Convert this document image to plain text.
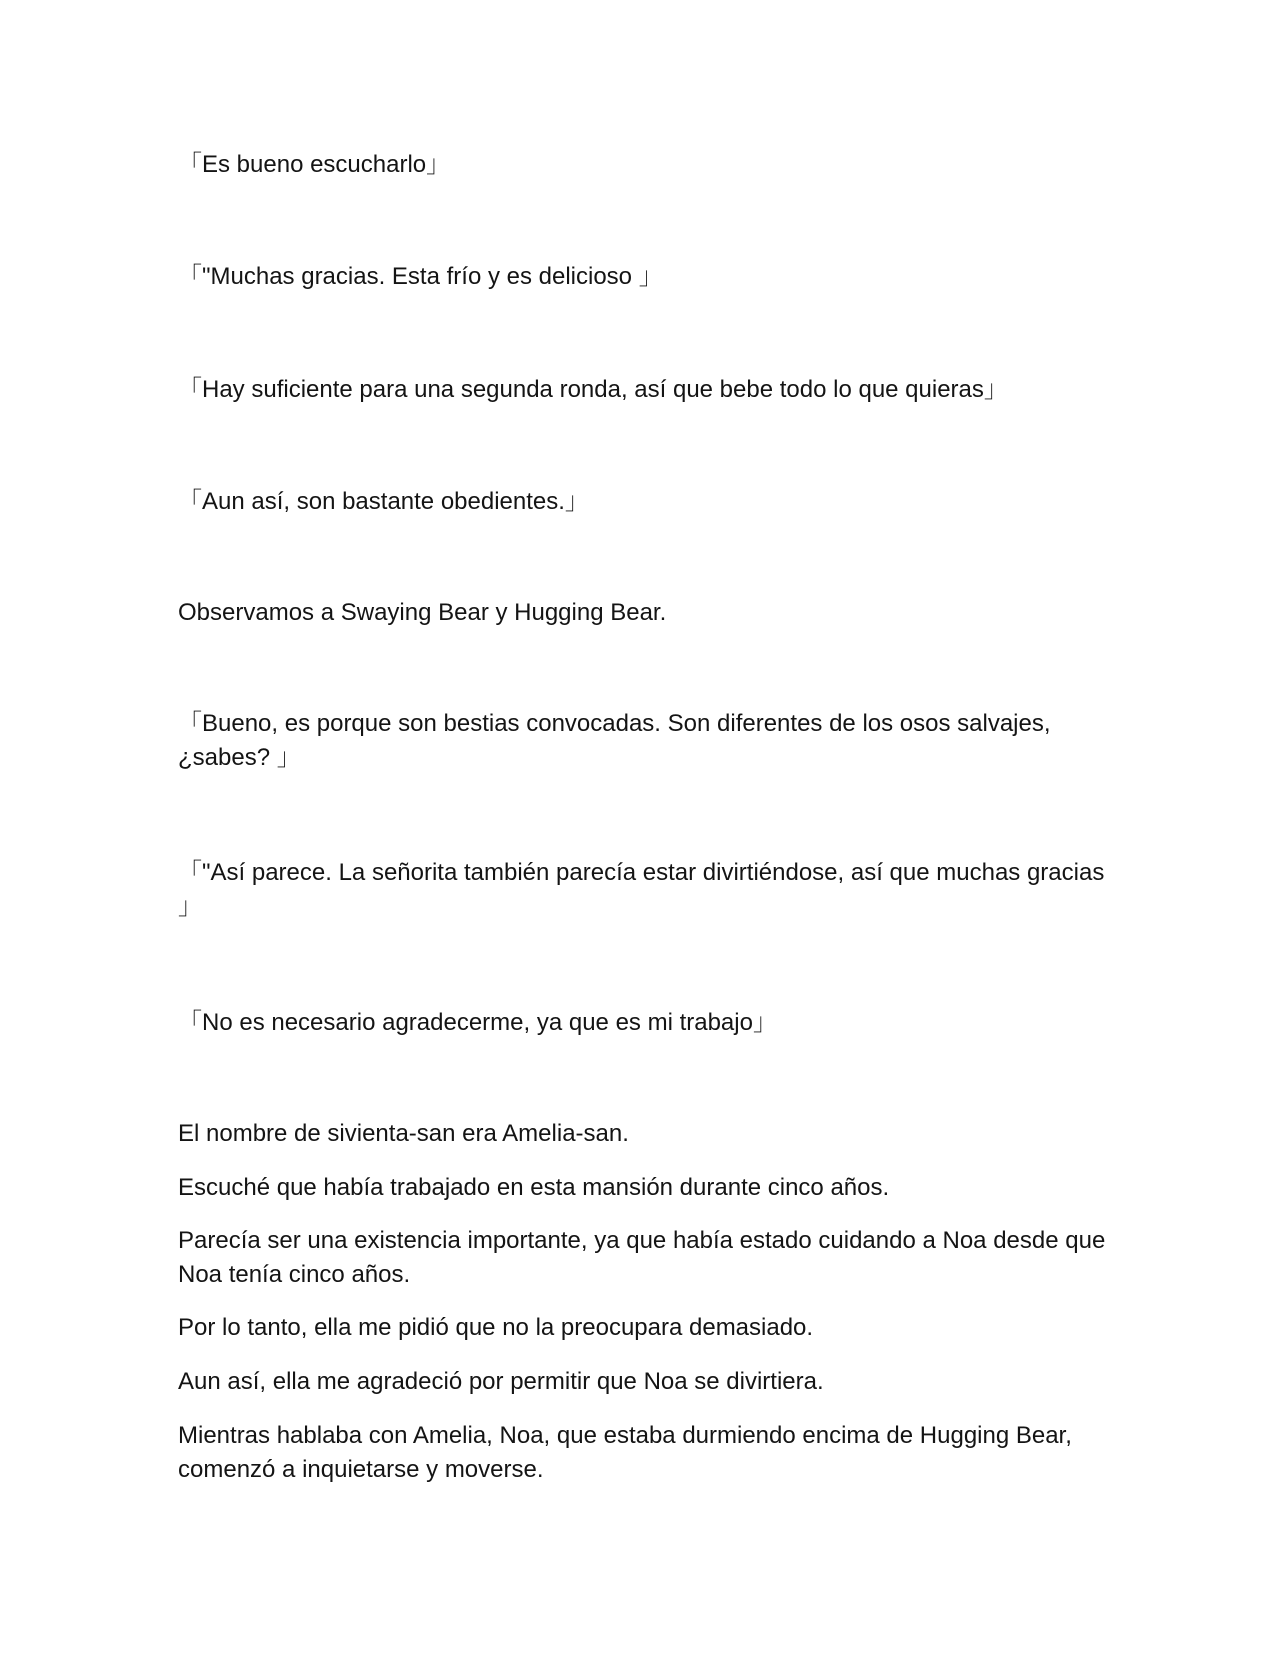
「Es bueno escucharlo」

「"Muchas gracias. Esta frío y es delicioso 」

「Hay suficiente para una segunda ronda, así que bebe todo lo que quieras」

「Aun así, son bastante obedientes.」

Observamos a Swaying Bear y Hugging Bear.

「Bueno, es porque son bestias convocadas. Son diferentes de los osos salvajes, ¿sabes? 」

「"Así parece. La señorita también parecía estar divirtiéndose, así que muchas gracias 」

「No es necesario agradecerme, ya que es mi trabajo」

El nombre de sivienta-san era Amelia-san.

Escuché que había trabajado en esta mansión durante cinco años.

Parecía ser una existencia importante, ya que había estado cuidando a Noa desde que Noa tenía cinco años.

Por lo tanto, ella me pidió que no la preocupara demasiado.

Aun así, ella me agradeció por permitir que Noa se divirtiera.

Mientras hablaba con Amelia, Noa, que estaba durmiendo encima de Hugging Bear, comenzó a inquietarse y moverse.
